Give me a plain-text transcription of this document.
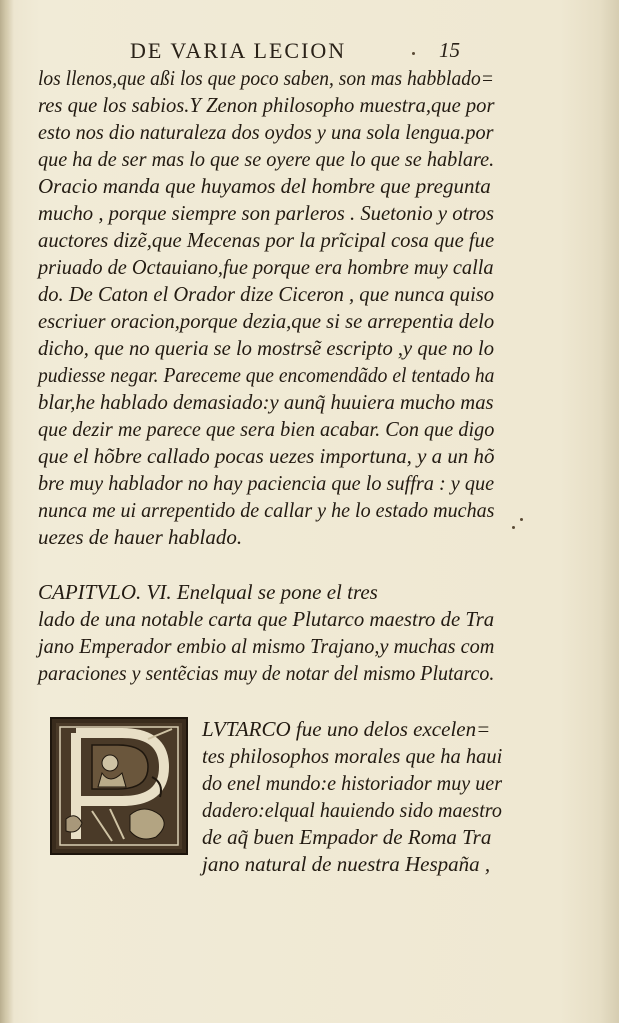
DE VARIA LECION	15
los llenos,que aßi los que poco saben, son mas habblado=
res que los sabios.Y Zenon philosopho muestra,que por
esto nos dio naturaleza dos oydos y una sola lengua.por
que ha de ser mas lo que se oyere que lo que se hablare.
Oracio manda que huyamos del hombre que pregunta
mucho , porque siempre son parleros . Suetonio y otros
auctores dizẽ,que Mecenas por la prĩcipal cosa que fue
priuado de Octauiano,fue porque era hombre muy calla
do. De Caton el Orador dize Ciceron , que nunca quiso
escriuer oracion,porque dezia,que si se arrepentia delo
dicho, que no queria se lo mostrsẽ escripto ,y que no lo
pudiesse negar. Pareceme que encomendãdo el tentado ha
blar,he hablado demasiado:y aunq̃ huuiera mucho mas
que dezir me parece que sera bien acabar. Con que digo
que el hõbre callado pocas uezes importuna, y a un hõ
bre muy hablador no hay paciencia que lo suffra : y que
nunca me ui arrepentido de callar y he lo estado muchas
uezes de hauer hablado.
CAPITVLO. VI. Enelqual se pone el tres
lado de una notable carta que Plutarco maestro de Tra
jano Emperador embio al mismo Trajano,y muchas com
paraciones y sentẽcias muy de notar del mismo Plutarco.
LVTARCO fue uno delos excelen=
tes philosophos morales que ha haui
do enel mundo:e historiador muy uer
dadero:elqual hauiendo sido maestro
de aq̃ buen Empador de Roma Tra
jano natural de nuestra Hespaña ,
